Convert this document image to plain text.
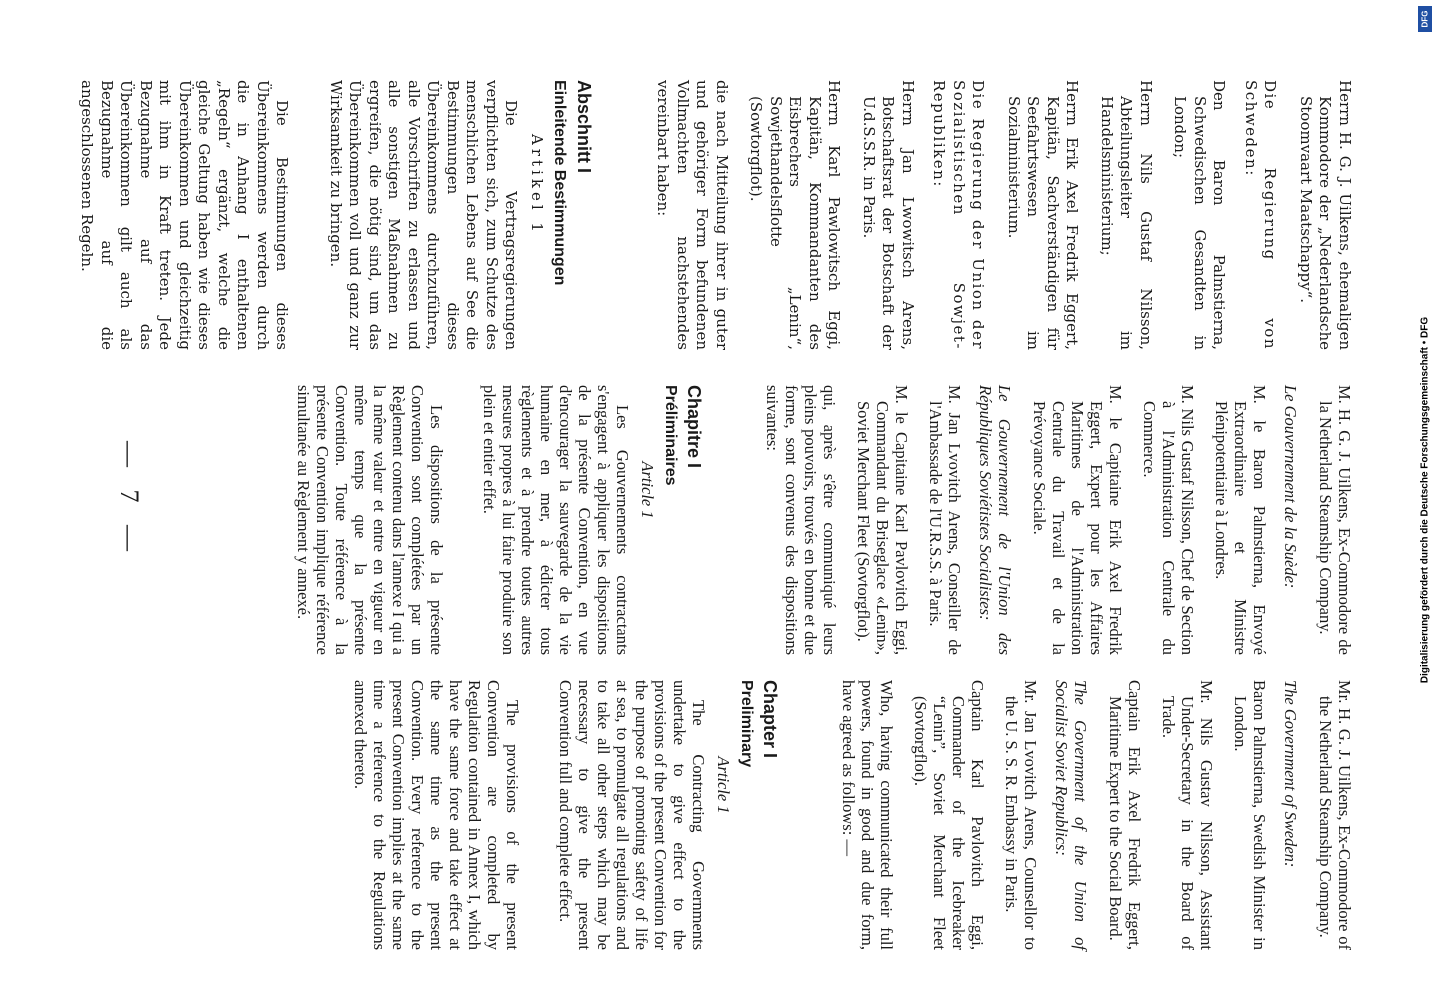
Herrn H. G. J. Uilkens, ehemaligen Kommodore der „Nederlandsche Stoomvaart Maatschappy“.
Die Regierung von Schweden:
Den Baron Palmstierna, Schwedischen Gesandten in London;
Herrn Nils Gustaf Nilsson, Abteilungsleiter im Handelsministerium;
Herrn Erik Axel Fredrik Eggert, Kapitän, Sachverständigen für Seefahrtswesen im Sozialministerium.
Die Regierung der Union der Sozialistischen Sowjet-Republiken:
Herrn Jan Lwowitsch Arens, Botschaftsrat der Botschaft der U.d.S.S.R. in Paris.
Herrn Karl Pawlowitsch Eggi, Kapitän, Kommandanten des Eisbrechers „Lenin“, Sowjethandelsflotte (Sowtorgflot).
die nach Mitteilung ihrer in guter und gehöriger Form befundenen Vollmachten nachstehendes vereinbart haben:
Abschnitt I
Einleitende Bestimmungen
Artikel 1
Die Vertragsregierungen verpflichten sich, zum Schutze des menschlichen Lebens auf See die Bestimmungen dieses Übereinkommens durchzuführen, alle Vorschriften zu erlassen und alle sonstigen Maßnahmen zu ergreifen, die nötig sind, um das Übereinkommen voll und ganz zur Wirksamkeit zu bringen.
Die Bestimmungen dieses Übereinkommens werden durch die in Anhang I enthaltenen „Regeln“ ergänzt, welche die gleiche Geltung haben wie dieses Übereinkommen und gleichzeitig mit ihm in Kraft treten. Jede Bezugnahme auf das Übereinkommen gilt auch als Bezugnahme auf die angeschlossenen Regeln.
M. H. G. J. Uilkens, Ex-Commodore de la Netherland Steamship Company.
Le Gouvernement de la Suède:
M. le Baron Palmstierna, Envoyé Extraordinaire et Ministre Plénipotentiaire à Londres.
M. Nils Gustaf Nilsson, Chef de Section à l'Administration Centrale du Commerce.
M. le Capitaine Erik Axel Fredrik Eggert, Expert pour les Affaires Maritimes de l'Administration Centrale du Travail et de la Prévoyance Sociale.
Le Gouvernement de l'Union des Républiques Soviétistes Socialistes:
M. Jan Lvovitch Arens, Conseiller de l'Ambassade de l'U.R.S.S. à Paris.
M. le Capitaine Karl Pavlovitch Eggi, Commandant du Briseglace «Lenin», Soviet Merchant Fleet (Sovtorgflot).
qui, après s'être communiqué leurs pleins pouvoirs, trouvés en bonne et due forme, sont convenus des dispositions suivantes:
Chapitre I
Préliminaires
Article 1
Les Gouvernements contractants s'engagent à appliquer les dispositions de la présente Convention, en vue d'encourager la sauvegarde de la vie humaine en mer, à édicter tous règlements et à prendre toutes autres mesures propres à lui faire produire son plein et entier effet.
Les dispositions de la présente Convention sont complétées par un Règlement contenu dans l'annexe I qui a la même valeur et entre en vigueur en même temps que la présente Convention. Toute référence à la présente Convention implique référence simultanée au Règlement y annexé.
Mr. H. G. J. Uilkens, Ex-Commodore of the Netherland Steamship Company.
The Government of Sweden:
Baron Palmstierna, Swedish Minister in London.
Mr. Nils Gustav Nilsson, Assistant Under-Secretary in the Board of Trade.
Captain Erik Axel Fredrik Eggert, Maritime Expert to the Social Board.
The Government of the Union of Socialist Soviet Republics:
Mr. Jan Lvovitch Arens, Counsellor to the U. S. S. R. Embassy in Paris.
Captain Karl Pavlovitch Eggi, Commander of the Icebreaker “Lenin”, Soviet Merchant Fleet (Sovtorgflot).
Who, having communicated their full powers, found in good and due form, have agreed as follows: —
Chapter I
Preliminary
Article 1
The Contracting Governments undertake to give effect to the provisions of the present Convention for the purpose of promoting safety of life at sea, to promulgate all regulations and to take all other steps which may be necessary to give the present Convention full and complete effect.
The provisions of the present Convention are completed by Regulation contained in Annex I, which have the same force and take effect at the same time as the present Convention. Every reference to the present Convention implies at the same time a reference to the Regulations annexed thereto.
— 7 —	Digitalisierung gefördert durch die Deutsche Forschungsgemeinschaft • DFG
DFG
